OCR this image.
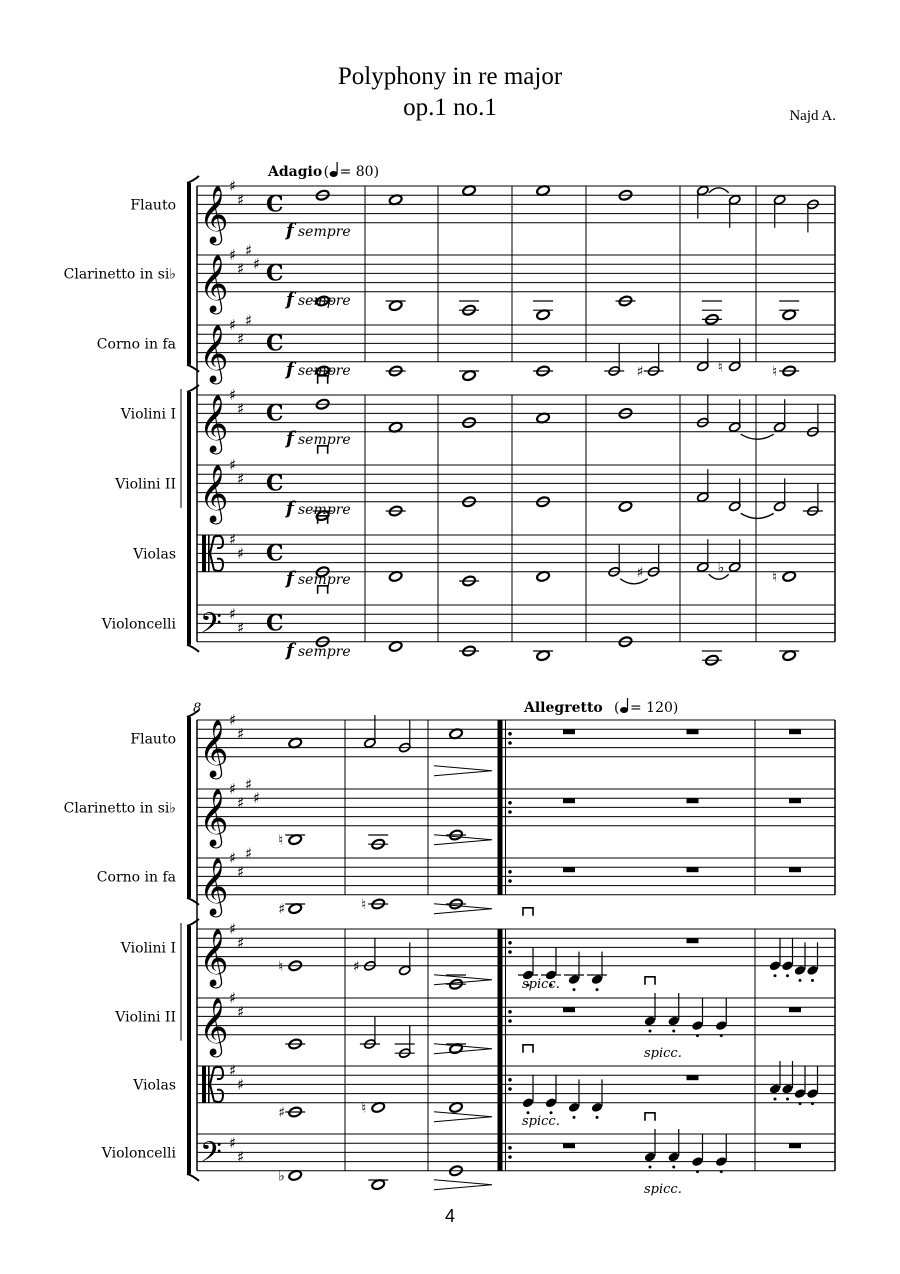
Polyphony in re major
op.1 no.1	Najd A.
Adagio ( = 80)
𝄞 ♯
♯ C
Flauto
𝄞 ♯
♯
♯
♯ C
Clarinetto in si♭
𝄞 ♯
♯
♯
C
Corno in fa
𝄞 ♯
♯ C
Violini I
𝄞 ♯
♯ C
Violini II
♯
♯ C
Violas
𝄢 ♯
♯ C
Violoncelli
♯	♮	♮
♯	♭
♮
f sempre
f sempre
f sempre
f sempre
f sempre
f sempre
f sempre
8	Allegretto ( = 120)
𝄞 ♯
♯
Flauto
𝄞 ♯
♯
♯
♯
Clarinetto in si♭
𝄞 ♯
♯
♯
Corno in fa
𝄞 ♯
♯
Violini I
𝄞 ♯
♯
Violini II
♯
♯
Violas
𝄢 ♯
♯
Violoncelli
♮
♯	♮
♮	♯
♯	♮
♭
spicc.
spicc.
spicc.
spicc.
4
